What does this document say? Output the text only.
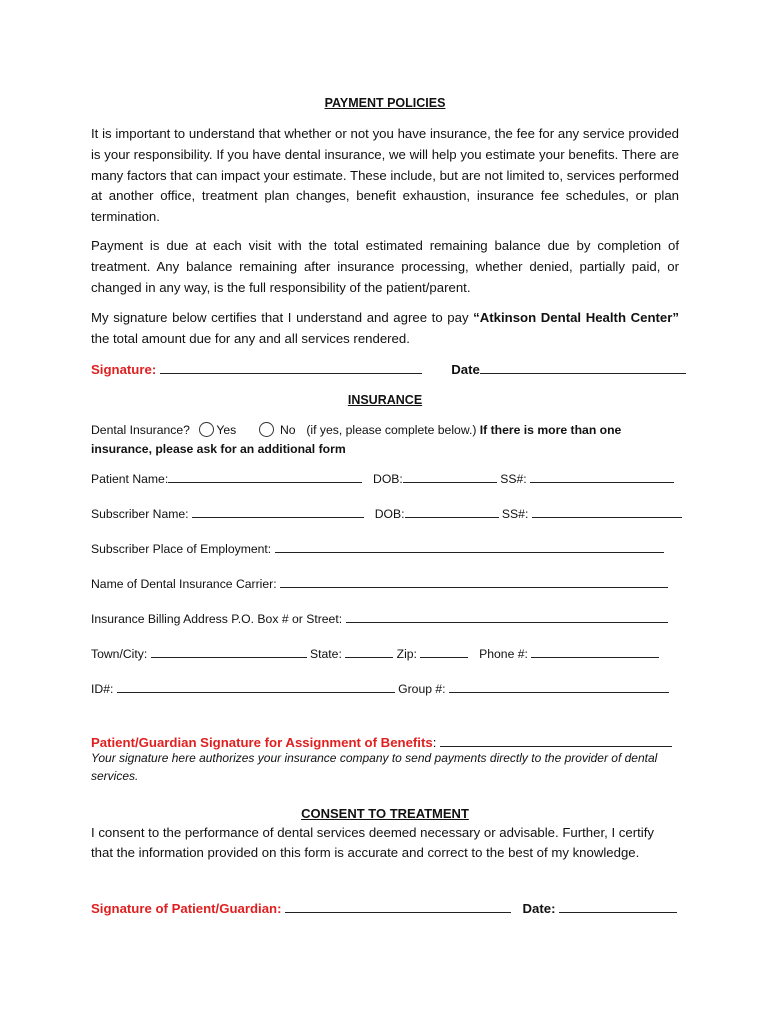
PAYMENT POLICIES
It is important to understand that whether or not you have insurance, the fee for any service provided is your responsibility. If you have dental insurance, we will help you estimate your benefits. There are many factors that can impact your estimate. These include, but are not limited to, services performed at another office, treatment plan changes, benefit exhaustion, insurance fee schedules, or plan termination.
Payment is due at each visit with the total estimated remaining balance due by completion of treatment. Any balance remaining after insurance processing, whether denied, partially paid, or changed in any way, is the full responsibility of the patient/parent.
My signature below certifies that I understand and agree to pay “Atkinson Dental Health Center” the total amount due for any and all services rendered.
Signature:	Date
INSURANCE
Dental Insurance? Yes	No (if yes, please complete below.) If there is more than one insurance, please ask for an additional form
Patient Name:	DOB:	SS#:
Subscriber Name:	DOB:	SS#:
Subscriber Place of Employment:
Name of Dental Insurance Carrier:
Insurance Billing Address P.O. Box # or Street:
Town/City:	State:	Zip:	Phone #:
ID#:	Group #:
Patient/Guardian Signature for Assignment of Benefits:
Your signature here authorizes your insurance company to send payments directly to the provider of dental services.
CONSENT TO TREATMENT
I consent to the performance of dental services deemed necessary or advisable. Further, I certify that the information provided on this form is accurate and correct to the best of my knowledge.
Signature of Patient/Guardian:	Date:
